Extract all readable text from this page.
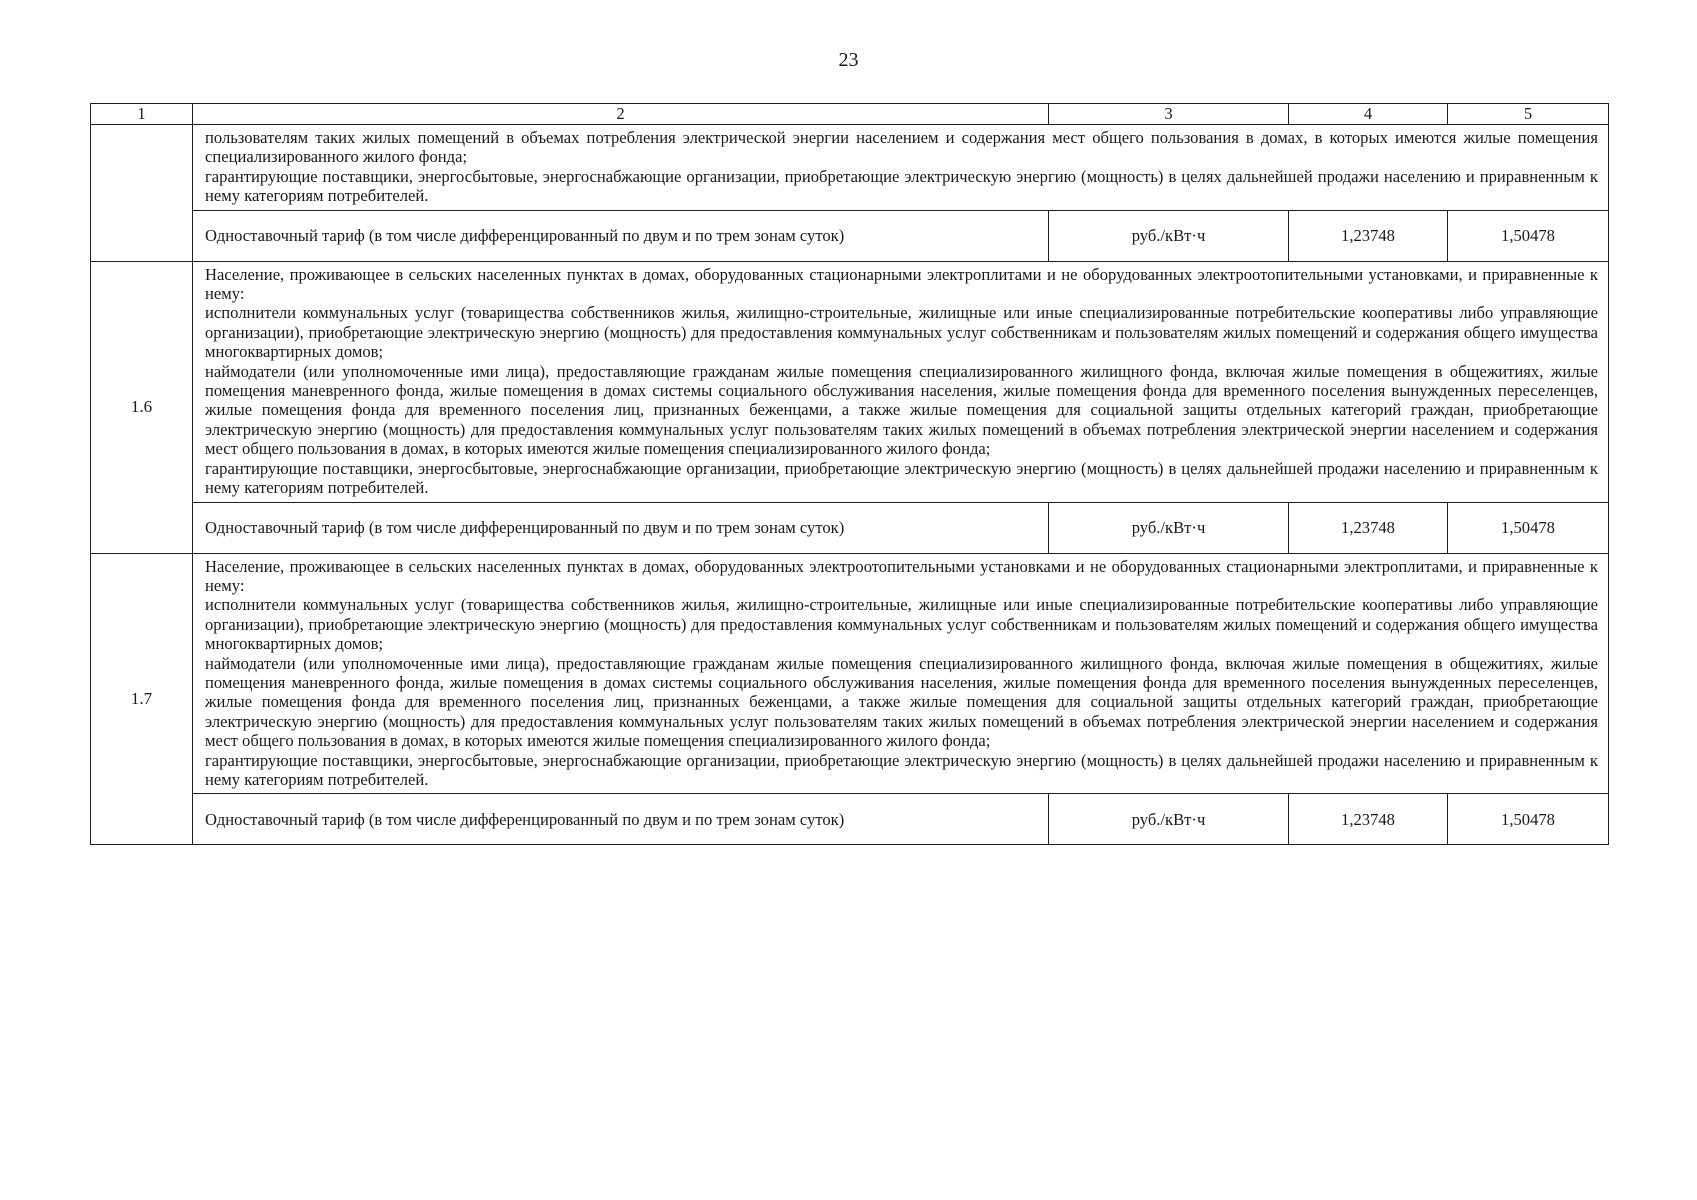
23
1	2	3	4	5

	пользователям таких жилых помещений в объемах потребления электрической энергии населением и содержания мест общего пользования в домах, в которых имеются жилые помещения специализированного жилого фонда;
гарантирующие поставщики, энергосбытовые, энергоснабжающие организации, приобретающие электрическую энергию (мощность) в целях дальнейшей продажи населению и приравненным к нему категориям потребителей.			

	Одноставочный тариф (в том числе дифференцированный по двум и по трем зонам суток)	руб./кВт·ч	1,23748	1,50478
1.6	Население, проживающее в сельских населенных пунктах в домах, оборудованных стационарными электроплитами и не оборудованных электроотопительными установками, и приравненные к нему:
исполнители коммунальных услуг (товарищества собственников жилья, жилищно-строительные, жилищные или иные специализированные потребительские кооперативы либо управляющие организации), приобретающие электрическую энергию (мощность) для предоставления коммунальных услуг собственникам и пользователям жилых помещений и содержания общего имущества многоквартирных домов;
наймодатели (или уполномоченные ими лица), предоставляющие гражданам жилые помещения специализированного жилищного фонда, включая жилые помещения в общежитиях, жилые помещения маневренного фонда, жилые помещения в домах системы социального обслуживания населения, жилые помещения фонда для временного поселения вынужденных переселенцев, жилые помещения фонда для временного поселения лиц, признанных беженцами, а также жилые помещения для социальной защиты отдельных категорий граждан, приобретающие электрическую энергию (мощность) для предоставления коммунальных услуг пользователям таких жилых помещений в объемах потребления электрической энергии населением и содержания мест общего пользования в домах, в которых имеются жилые помещения специализированного жилого фонда;
гарантирующие поставщики, энергосбытовые, энергоснабжающие организации, приобретающие электрическую энергию (мощность) в целях дальнейшей продажи населению и приравненным к нему категориям потребителей.			

	Одноставочный тариф (в том числе дифференцированный по двум и по трем зонам суток)	руб./кВт·ч	1,23748	1,50478
1.7	Население, проживающее в сельских населенных пунктах в домах, оборудованных электроотопительными установками и не оборудованных стационарными электроплитами, и приравненные к нему:
исполнители коммунальных услуг (товарищества собственников жилья, жилищно-строительные, жилищные или иные специализированные потребительские кооперативы либо управляющие организации), приобретающие электрическую энергию (мощность) для предоставления коммунальных услуг собственникам и пользователям жилых помещений и содержания общего имущества многоквартирных домов;
наймодатели (или уполномоченные ими лица), предоставляющие гражданам жилые помещения специализированного жилищного фонда, включая жилые помещения в общежитиях, жилые помещения маневренного фонда, жилые помещения в домах системы социального обслуживания населения, жилые помещения фонда для временного поселения вынужденных переселенцев, жилые помещения фонда для временного поселения лиц, признанных беженцами, а также жилые помещения для социальной защиты отдельных категорий граждан, приобретающие электрическую энергию (мощность) для предоставления коммунальных услуг пользователям таких жилых помещений в объемах потребления электрической энергии населением и содержания мест общего пользования в домах, в которых имеются жилые помещения специализированного жилого фонда;
гарантирующие поставщики, энергосбытовые, энергоснабжающие организации, приобретающие электрическую энергию (мощность) в целях дальнейшей продажи населению и приравненным к нему категориям потребителей.			

	Одноставочный тариф (в том числе дифференцированный по двум и по трем зонам суток)	руб./кВт·ч	1,23748	1,50478
